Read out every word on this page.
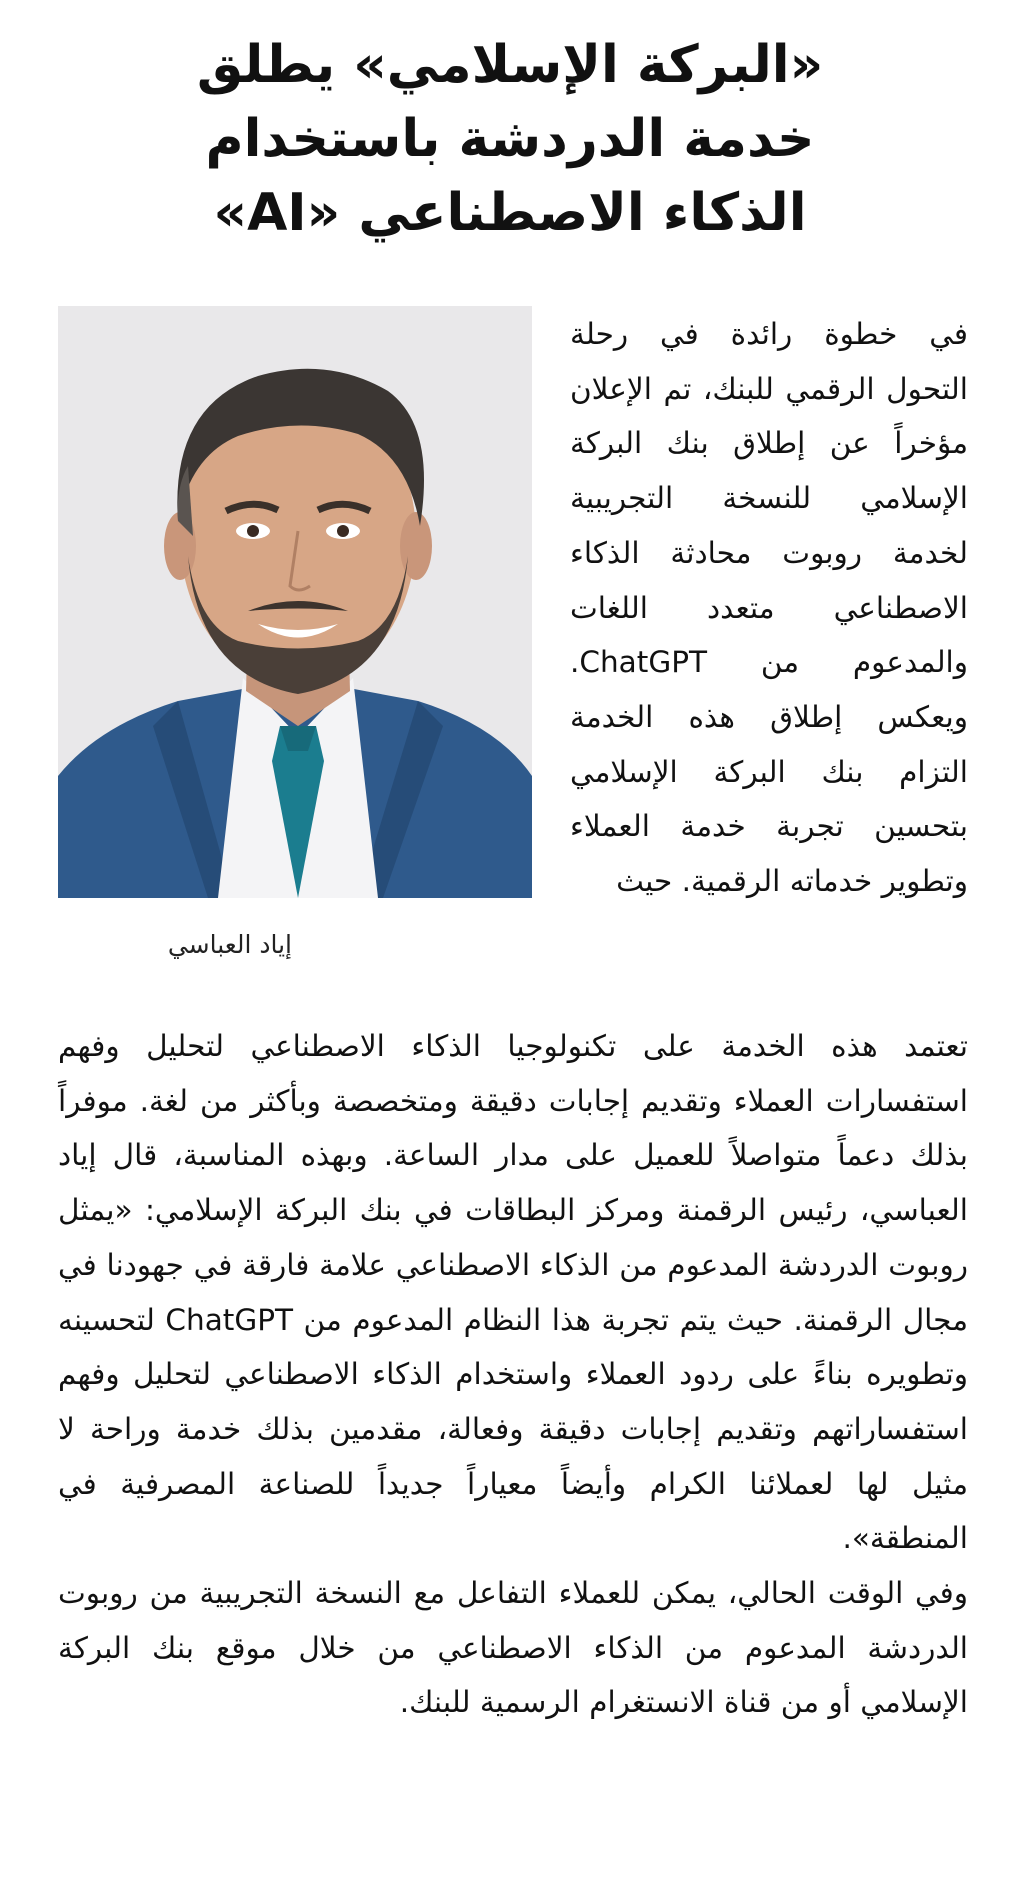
«البركة الإسلامي» يطلق
خدمة الدردشة باستخدام
الذكاء الاصطناعي «AI»
إياد العباسي

في خطوة رائدة في رحلة التحول الرقمي للبنك، تم الإعلان مؤخراً عن إطلاق بنك البركة الإسلامي للنسخة التجريبية لخدمة روبوت محادثة الذكاء الاصطناعي متعدد اللغات والمدعوم من ChatGPT. ويعكس إطلاق هذه الخدمة التزام بنك البركة الإسلامي بتحسين تجربة خدمة العملاء وتطوير خدماته الرقمية. حيث

تعتمد هذه الخدمة على تكنولوجيا الذكاء الاصطناعي لتحليل وفهم استفسارات العملاء وتقديم إجابات دقيقة ومتخصصة وبأكثر من لغة. موفراً بذلك دعماً متواصلاً للعميل على مدار الساعة. وبهذه المناسبة، قال إياد العباسي، رئيس الرقمنة ومركز البطاقات في بنك البركة الإسلامي: «يمثل روبوت الدردشة المدعوم من الذكاء الاصطناعي علامة فارقة في جهودنا في مجال الرقمنة. حيث يتم تجربة هذا النظام المدعوم من ChatGPT لتحسينه وتطويره بناءً على ردود العملاء واستخدام الذكاء الاصطناعي لتحليل وفهم استفساراتهم وتقديم إجابات دقيقة وفعالة، مقدمين بذلك خدمة وراحة لا مثيل لها لعملائنا الكرام وأيضاً معياراً جديداً للصناعة المصرفية في المنطقة».

وفي الوقت الحالي، يمكن للعملاء التفاعل مع النسخة التجريبية من روبوت الدردشة المدعوم من الذكاء الاصطناعي من خلال موقع بنك البركة الإسلامي أو من قناة الانستغرام الرسمية للبنك.
